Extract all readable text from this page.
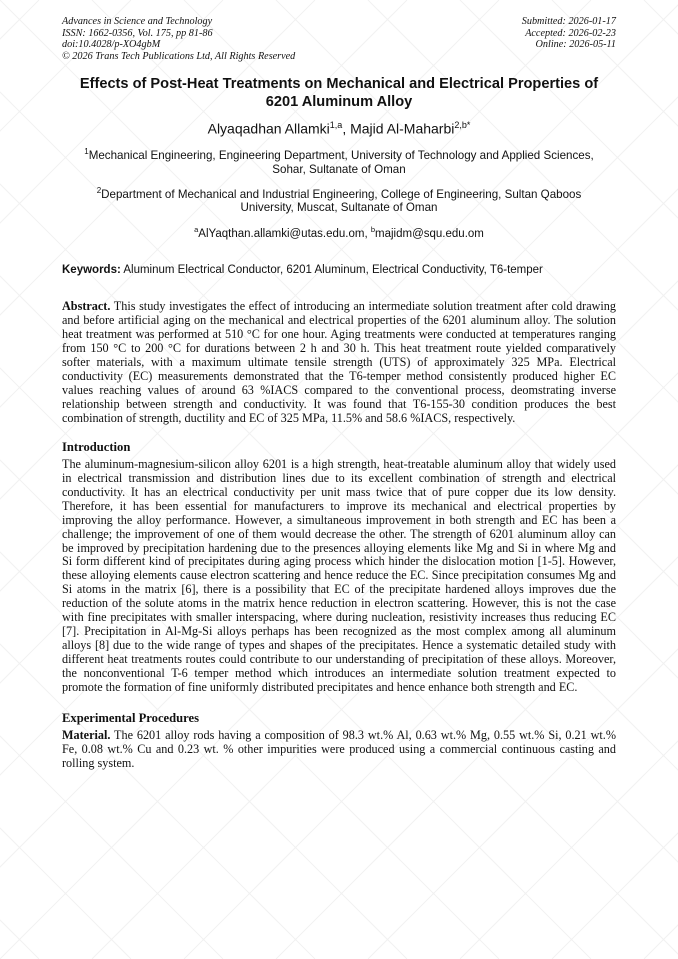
Advances in Science and Technology
ISSN: 1662-0356, Vol. 175, pp 81-86
doi:10.4028/p-XO4gbM
© 2026 Trans Tech Publications Ltd, All Rights Reserved
Submitted: 2026-01-17
Accepted: 2026-02-23
Online: 2026-05-11
Effects of Post-Heat Treatments on Mechanical and Electrical Properties of 6201 Aluminum Alloy
Alyaqadhan Allamki$^{1,a}$, Majid Al-Maharbi$^{2,b*}$
$^1$Mechanical Engineering, Engineering Department, University of Technology and Applied Sciences, Sohar, Sultanate of Oman
$^2$Department of Mechanical and Industrial Engineering, College of Engineering, Sultan Qaboos University, Muscat, Sultanate of Oman
$^a$AlYaqthan.allamki@utas.edu.om, $^b$majidm@squ.edu.om
Keywords: Aluminum Electrical Conductor, 6201 Aluminum, Electrical Conductivity, T6-temper

Abstract. This study investigates the effect of introducing an intermediate solution treatment after cold drawing and before artificial aging on the mechanical and electrical properties of the 6201 aluminum alloy. The solution heat treatment was performed at 510 °C for one hour. Aging treatments were conducted at temperatures ranging from 150 °C to 200 °C for durations between 2 h and 30 h. This heat treatment route yielded comparatively softer materials, with a maximum ultimate tensile strength (UTS) of approximately 325 MPa. Electrical conductivity (EC) measurements demonstrated that the T6-temper method consistently produced higher EC values reaching values of around 63 %IACS compared to the conventional process, deomstrating inverse relationship between strength and conductivity. It was found that T6-155-30 condition produces the best combination of strength, ductility and EC of 325 MPa, 11.5% and 58.6 %IACS, respectively.

Introduction

The aluminum-magnesium-silicon alloy 6201 is a high strength, heat-treatable aluminum alloy that widely used in electrical transmission and distribution lines due to its excellent combination of strength and electrical conductivity. It has an electrical conductivity per unit mass twice that of pure copper due its low density. Therefore, it has been essential for manufacturers to improve its mechanical and electrical properties by improving the alloy performance. However, a simultaneous improvement in both strength and EC has been a challenge; the improvement of one of them would decrease the other. The strength of 6201 aluminum alloy can be improved by precipitation hardening due to the presences alloying elements like Mg and Si in where Mg and Si form different kind of precipitates during aging process which hinder the dislocation motion [1-5]. However, these alloying elements cause electron scattering and hence reduce the EC. Since precipitation consumes Mg and Si atoms in the matrix [6], there is a possibility that EC of the precipitate hardened alloys improves due the reduction of the solute atoms in the matrix hence reduction in electron scattering. However, this is not the case with fine precipitates with smaller interspacing, where during nucleation, resistivity increases thus reducing EC [7]. Precipitation in Al-Mg-Si alloys perhaps has been recognized as the most complex among all aluminum alloys [8] due to the wide range of types and shapes of the precipitates. Hence a systematic detailed study with different heat treatments routes could contribute to our understanding of precipitation of these alloys. Moreover, the nonconventional T-6 temper method which introduces an intermediate solution treatment expected to promote the formation of fine uniformly distributed precipitates and hence enhance both strength and EC.

Experimental Procedures

Material. The 6201 alloy rods having a composition of 98.3 wt.% Al, 0.63 wt.% Mg, 0.55 wt.% Si, 0.21 wt.% Fe, 0.08 wt.% Cu and 0.23 wt. % other impurities were produced using a commercial continuous casting and rolling system.
